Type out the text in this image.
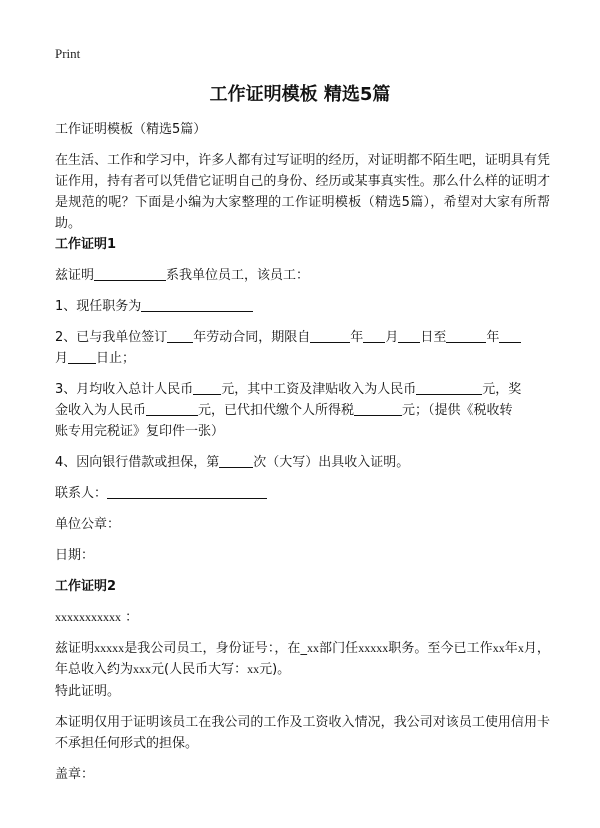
Print
工作证明模板 精选5篇
工作证明模板（精选5篇）
在生活、工作和学习中，许多人都有过写证明的经历，对证明都不陌生吧，证明具有凭证作用，持有者可以凭借它证明自己的身份、经历或某事真实性。那么什么样的证明才是规范的呢？下面是小编为大家整理的工作证明模板（精选5篇），希望对大家有所帮助。
工作证明1
兹证明	系我单位员工，该员工：
1、现任职务为
2、已与我单位签订 年劳动合同，期限自	年 月 日至	年
月 日止；
3、月均收入总计人民币 元，其中工资及津贴收入为人民币	元，奖
金收入为人民币	元，已代扣代缴个人所得税	元；（提供《税收转
账专用完税证》复印件一张）
4、因向银行借款或担保，第	次（大写）出具收入证明。
联系人：
单位公章：
日期：
工作证明2
xxxxxxxxxxx ：
兹证明xxxxx是我公司员工，身份证号：，在_xx部门任xxxxx职务。至今已工作xx年x月，年总收入约为xxx元(人民币大写：xx元)。
特此证明。
本证明仅用于证明该员工在我公司的工作及工资收入情况，我公司对该员工使用信用卡不承担任何形式的担保。
盖章：
